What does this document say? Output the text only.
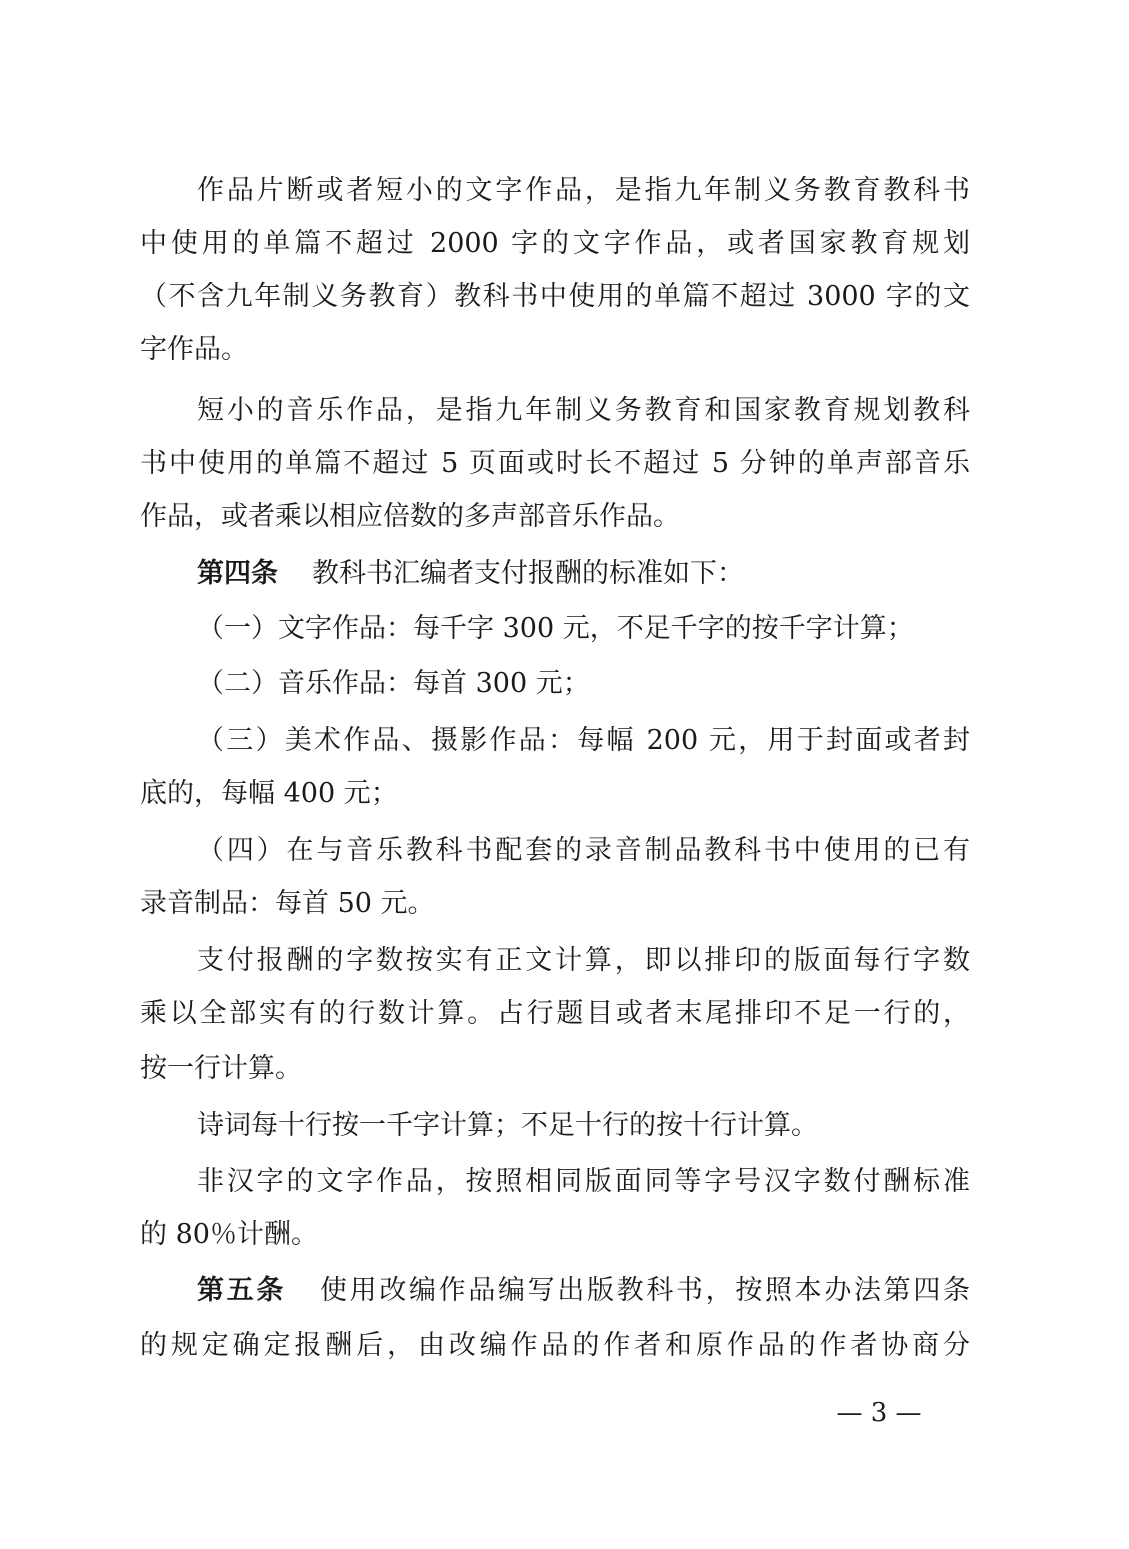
作品片断或者短小的文字作品，是指九年制义务教育教科书
中使用的单篇不超过 2000 字的文字作品，或者国家教育规划
（不含九年制义务教育）教科书中使用的单篇不超过 3000 字的文
字作品。
短小的音乐作品，是指九年制义务教育和国家教育规划教科
书中使用的单篇不超过 5 页面或时长不超过 5 分钟的单声部音乐
作品，或者乘以相应倍数的多声部音乐作品。
第四条 教科书汇编者支付报酬的标准如下：
（一）文字作品：每千字 300 元，不足千字的按千字计算；
（二）音乐作品：每首 300 元；
（三）美术作品、摄影作品：每幅 200 元，用于封面或者封
底的，每幅 400 元；
（四）在与音乐教科书配套的录音制品教科书中使用的已有
录音制品：每首 50 元。
支付报酬的字数按实有正文计算，即以排印的版面每行字数
乘以全部实有的行数计算。占行题目或者末尾排印不足一行的，
按一行计算。
诗词每十行按一千字计算；不足十行的按十行计算。
非汉字的文字作品，按照相同版面同等字号汉字数付酬标准
的 80％计酬。
第五条 使用改编作品编写出版教科书，按照本办法第四条
的规定确定报酬后，由改编作品的作者和原作品的作者协商分
— 3 —
